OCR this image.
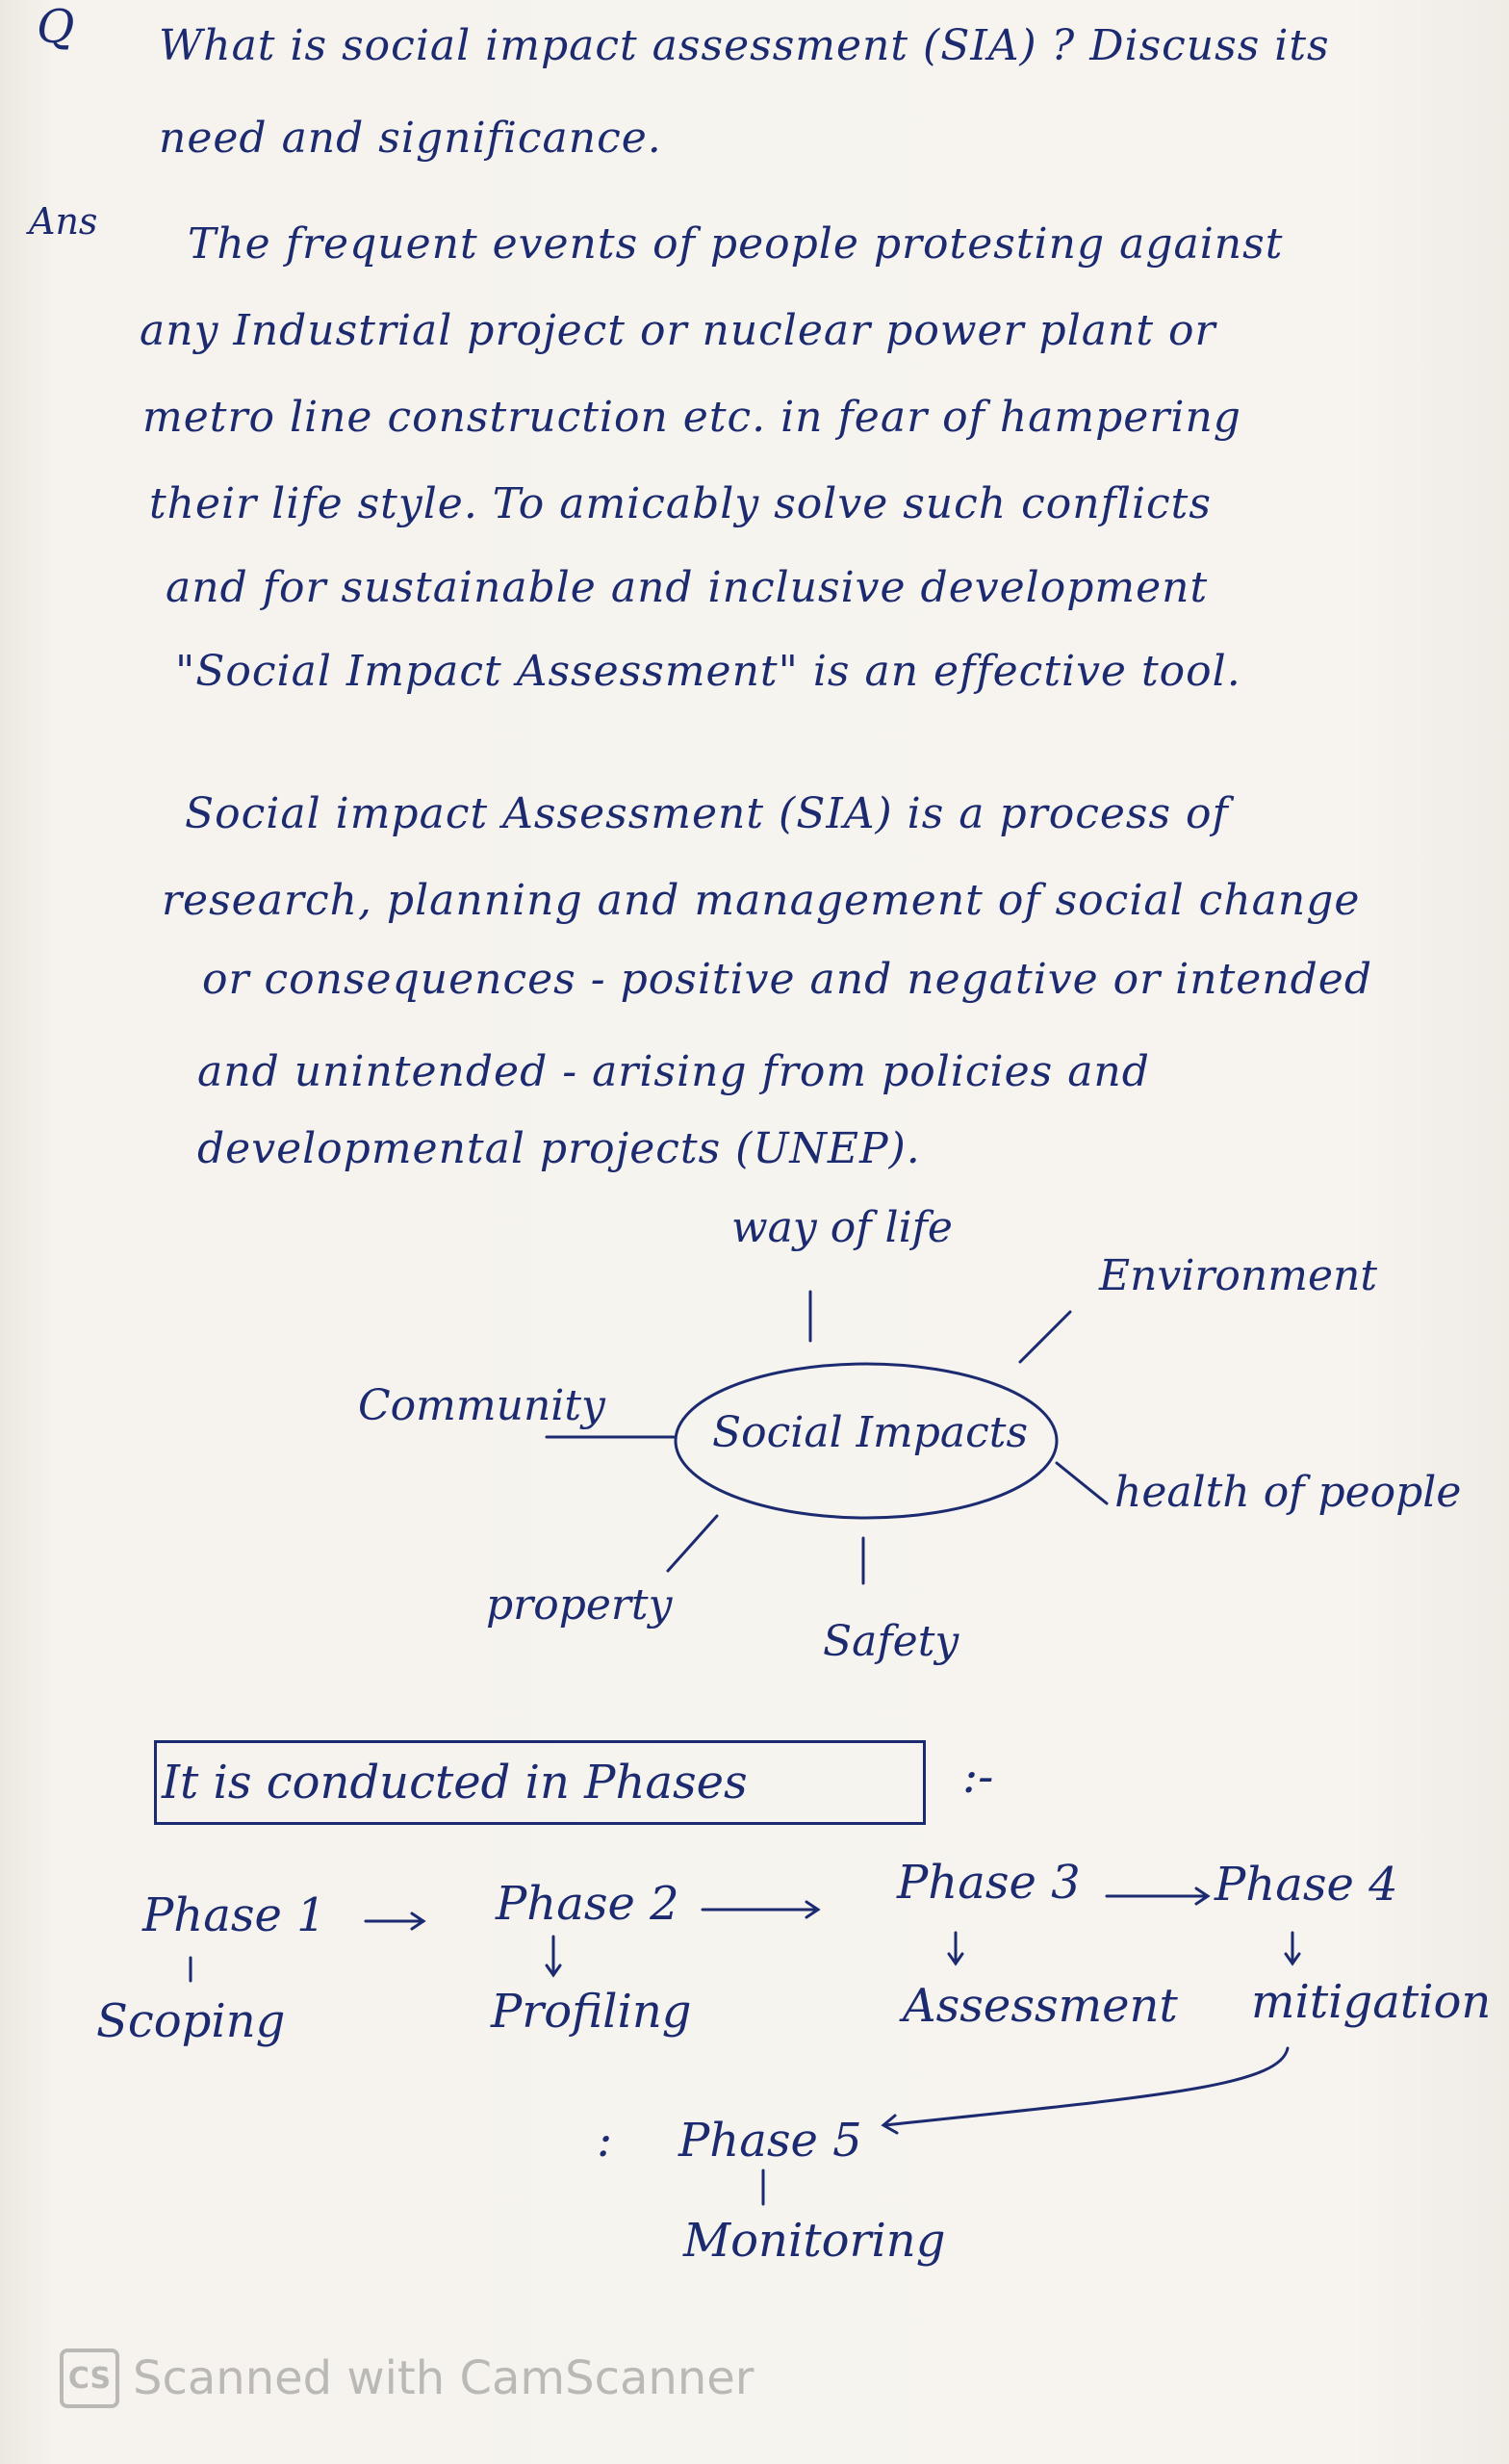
Q What is social impact assessment (SIA) ? Discuss its
need and significance.
Ans The frequent events of people protesting against
any Industrial project or nuclear power plant or
metro line construction etc. in fear of hampering
their life style. To amicably solve such conflicts
and for sustainable and inclusive development
"Social Impact Assessment" is an effective tool.
Social impact Assessment (SIA) is a process of
research, planning and management of social change
or consequences - positive and negative or intended
and unintended - arising from policies and
developmental projects (UNEP).
way of life
Environment
Community
Social Impacts
health of people
property
Safety
It is conducted in Phases	:-
Phase 1
Scoping
Phase 2
Profiling
Phase 3
Assessment
Phase 4
mitigation
: Phase 5
Monitoring
CS Scanned with CamScanner
